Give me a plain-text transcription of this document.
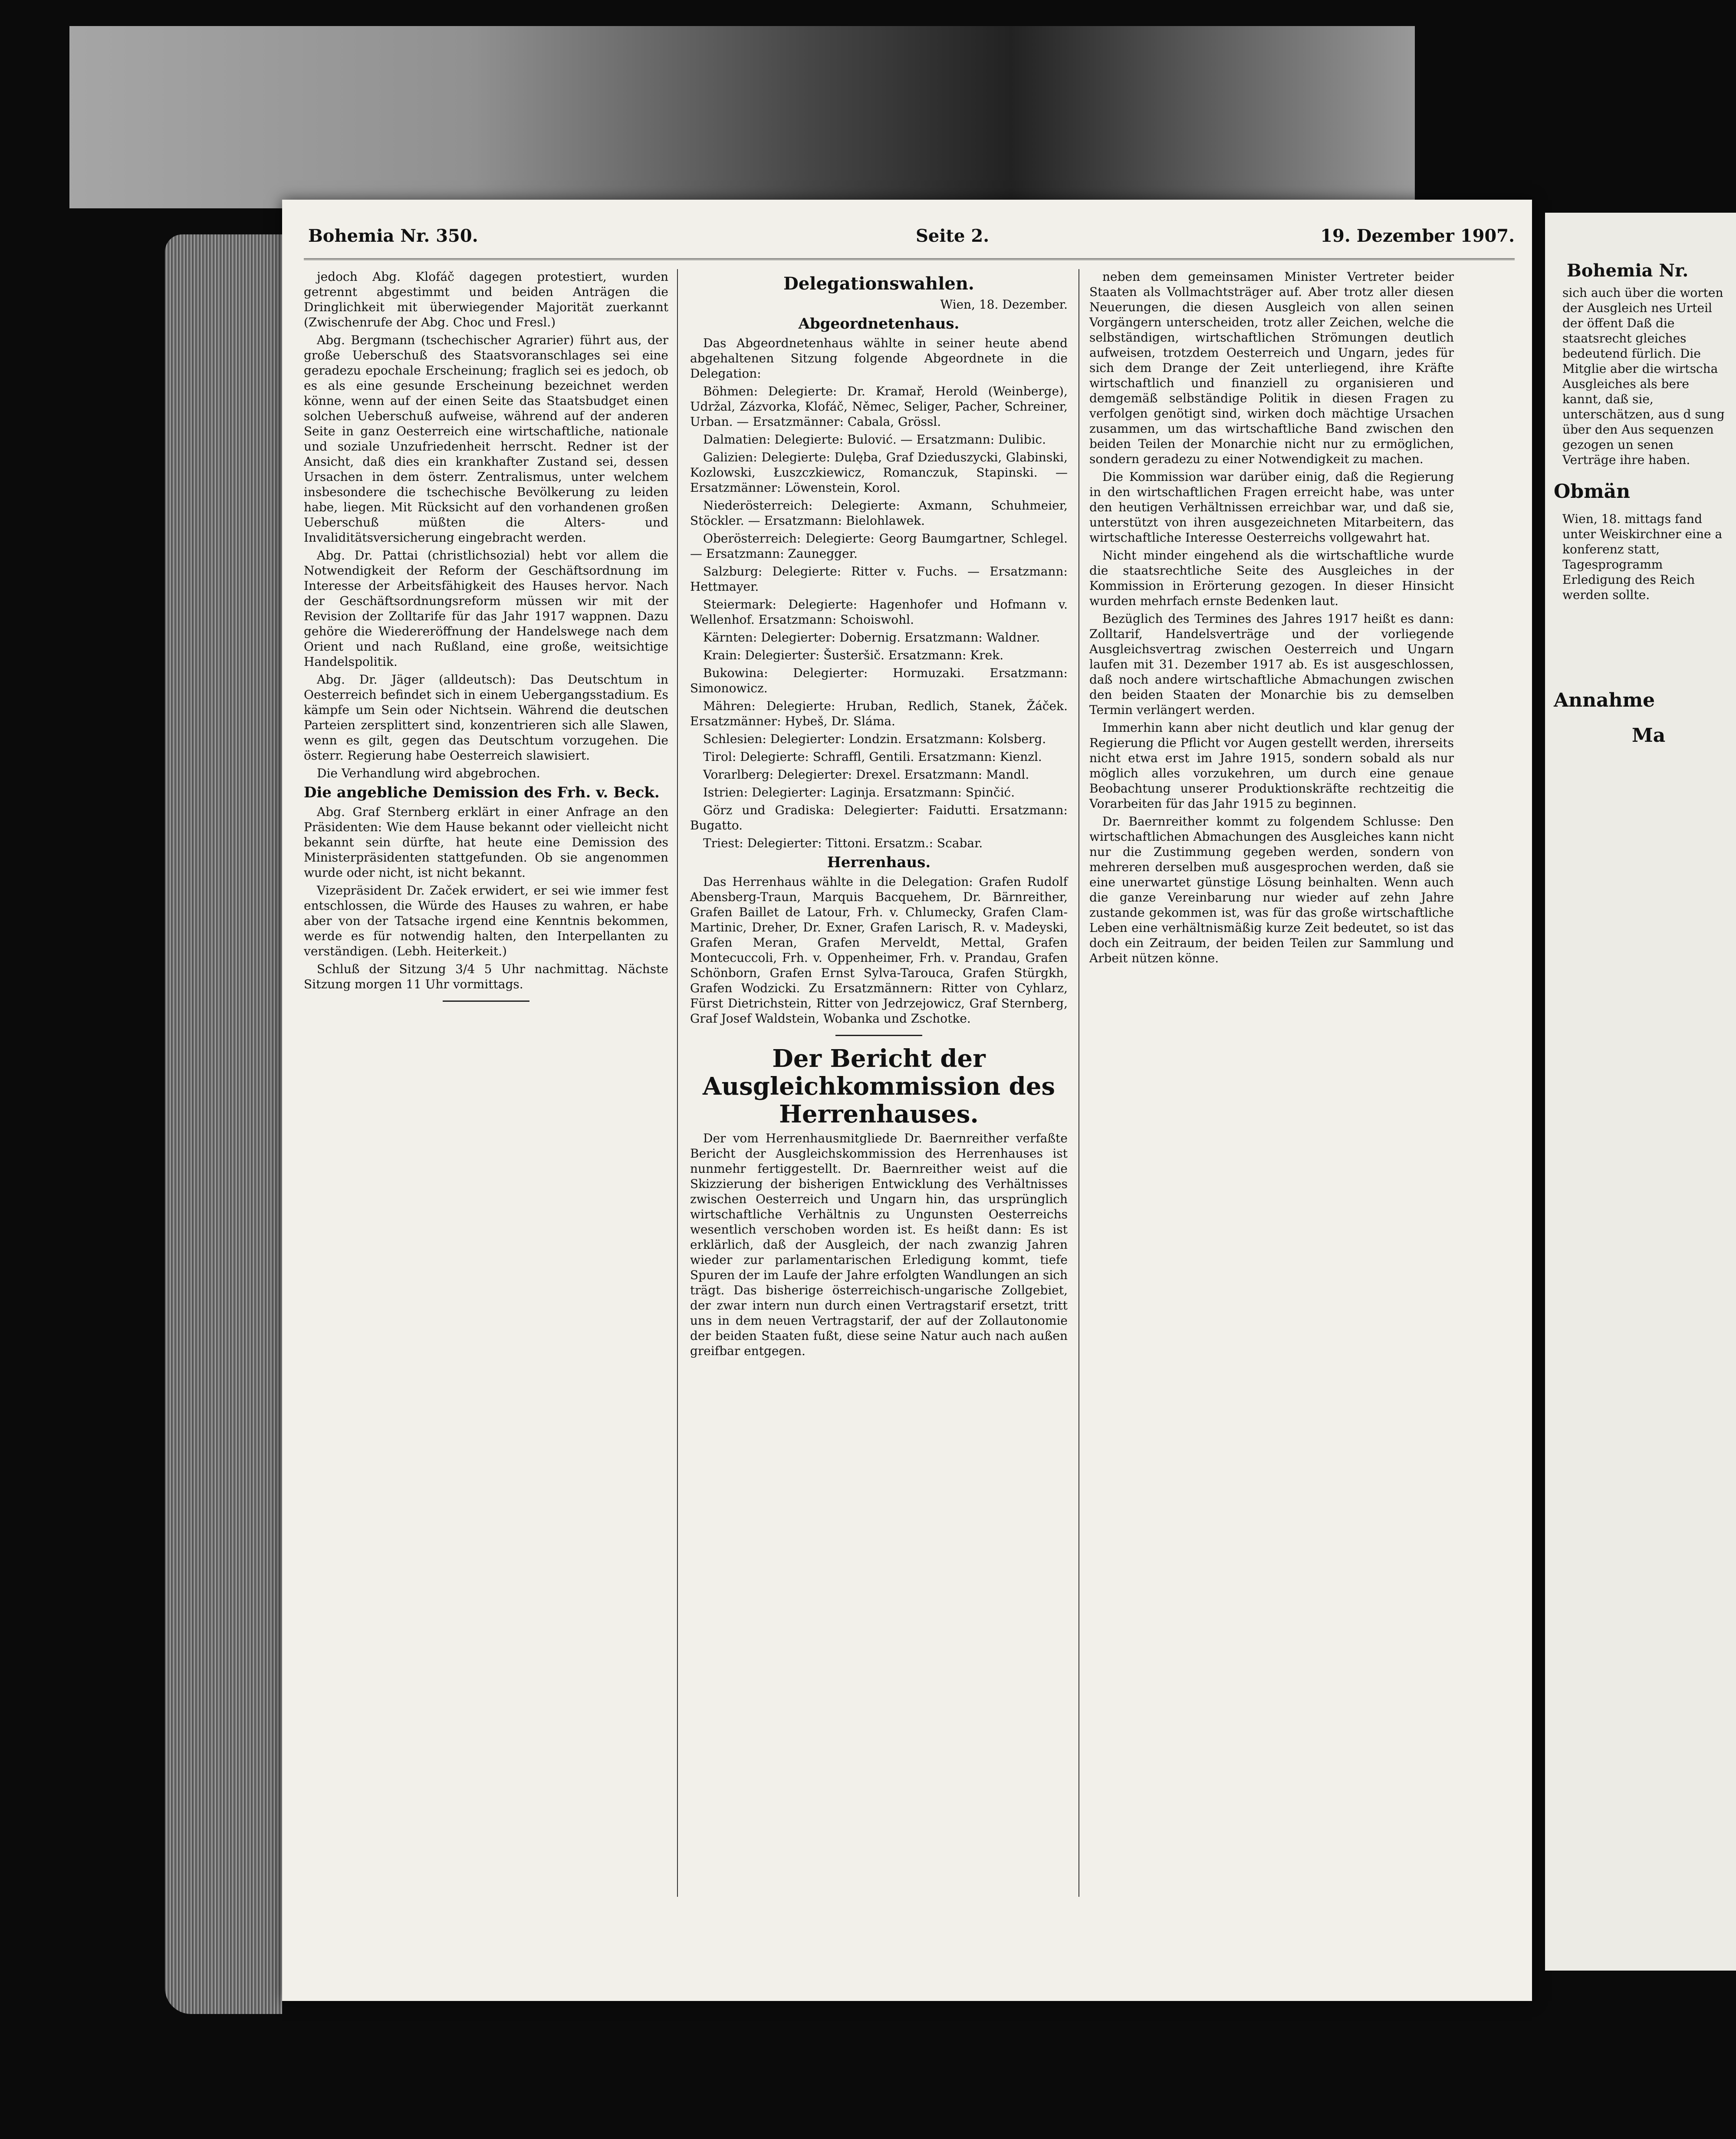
Bohemia Nr. 350.	Seite 2.	19. Dezember 1907.

jedoch Abg. Klofáč dagegen protestiert, wurden getrennt abgestimmt und beiden Anträgen die Dringlichkeit mit überwiegender Majorität zuerkannt (Zwischenrufe der Abg. Choc und Fresl.)

Abg. Bergmann (tschechischer Agrarier) führt aus, der große Ueberschuß des Staatsvoranschlages sei eine geradezu epochale Erscheinung; fraglich sei es jedoch, ob es als eine gesunde Erscheinung bezeichnet werden könne, wenn auf der einen Seite das Staatsbudget einen solchen Ueberschuß aufweise, während auf der anderen Seite in ganz Oesterreich eine wirtschaftliche, nationale und soziale Unzufriedenheit herrscht. Redner ist der Ansicht, daß dies ein krankhafter Zustand sei, dessen Ursachen in dem österr. Zentralismus, unter welchem insbesondere die tschechische Bevölkerung zu leiden habe, liegen. Mit Rücksicht auf den vorhandenen großen Ueberschuß müßten die Alters- und Invaliditätsversicherung eingebracht werden.

Abg. Dr. Pattai (christlichsozial) hebt vor allem die Notwendigkeit der Reform der Geschäftsordnung im Interesse der Arbeitsfähigkeit des Hauses hervor. Nach der Geschäftsordnungsreform müssen wir mit der Revision der Zolltarife für das Jahr 1917 wappnen. Dazu gehöre die Wiedereröffnung der Handelswege nach dem Orient und nach Rußland, eine große, weitsichtige Handelspolitik.

Abg. Dr. Jäger (alldeutsch): Das Deutschtum in Oesterreich befindet sich in einem Uebergangsstadium. Es kämpfe um Sein oder Nichtsein. Während die deutschen Parteien zersplittert sind, konzentrieren sich alle Slawen, wenn es gilt, gegen das Deutschtum vorzugehen. Die österr. Regierung habe Oesterreich slawisiert.

Die Verhandlung wird abgebrochen.

Die angebliche Demission des Frh. v. Beck.

Abg. Graf Sternberg erklärt in einer Anfrage an den Präsidenten: Wie dem Hause bekannt oder vielleicht nicht bekannt sein dürfte, hat heute eine Demission des Ministerpräsidenten stattgefunden. Ob sie angenommen wurde oder nicht, ist nicht bekannt.

Vizepräsident Dr. Začek erwidert, er sei wie immer fest entschlossen, die Würde des Hauses zu wahren, er habe aber von der Tatsache irgend eine Kenntnis bekommen, werde es für notwendig halten, den Interpellanten zu verständigen. (Lebh. Heiterkeit.)

Schluß der Sitzung 3/4 5 Uhr nachmittag. Nächste Sitzung morgen 11 Uhr vormittags.

Delegationswahlen.
Wien, 18. Dezember.
Abgeordnetenhaus.

Das Abgeordnetenhaus wählte in seiner heute abend abgehaltenen Sitzung folgende Abgeordnete in die Delegation:

Böhmen: Delegierte: Dr. Kramař, Herold (Weinberge), Udržal, Zázvorka, Klofáč, Němec, Seliger, Pacher, Schreiner, Urban. — Ersatzmänner: Cabala, Grössl.

Dalmatien: Delegierte: Bulović. — Ersatzmann: Dulibic.

Galizien: Delegierte: Dulęba, Graf Dzieduszycki, Glabinski, Kozlowski, Łuszczkiewicz, Romanczuk, Stapinski. — Ersatzmänner: Löwenstein, Korol.

Niederösterreich: Delegierte: Axmann, Schuhmeier, Stöckler. — Ersatzmann: Bielohlawek.

Oberösterreich: Delegierte: Georg Baumgartner, Schlegel. — Ersatzmann: Zaunegger.

Salzburg: Delegierte: Ritter v. Fuchs. — Ersatzmann: Hettmayer.

Steiermark: Delegierte: Hagenhofer und Hofmann v. Wellenhof. Ersatzmann: Schoiswohl.

Kärnten: Delegierter: Dobernig. Ersatzmann: Waldner.

Krain: Delegierter: Šusteršič. Ersatzmann: Krek.

Bukowina: Delegierter: Hormuzaki. Ersatzmann: Simonowicz.

Mähren: Delegierte: Hruban, Redlich, Stanek, Žáček. Ersatzmänner: Hybeš, Dr. Sláma.

Schlesien: Delegierter: Londzin. Ersatzmann: Kolsberg.

Tirol: Delegierte: Schraffl, Gentili. Ersatzmann: Kienzl.

Vorarlberg: Delegierter: Drexel. Ersatzmann: Mandl.

Istrien: Delegierter: Laginja. Ersatzmann: Spinčić.

Görz und Gradiska: Delegierter: Faidutti. Ersatzmann: Bugatto.

Triest: Delegierter: Tittoni. Ersatzm.: Scabar.

Herrenhaus.

Das Herrenhaus wählte in die Delegation: Grafen Rudolf Abensberg-Traun, Marquis Bacquehem, Dr. Bärnreither, Grafen Baillet de Latour, Frh. v. Chlumecky, Grafen Clam-Martinic, Dreher, Dr. Exner, Grafen Larisch, R. v. Madeyski, Grafen Meran, Grafen Merveldt, Mettal, Grafen Montecuccoli, Frh. v. Oppenheimer, Frh. v. Prandau, Grafen Schönborn, Grafen Ernst Sylva-Tarouca, Grafen Stürgkh, Grafen Wodzicki. Zu Ersatzmännern: Ritter von Cyhlarz, Fürst Dietrichstein, Ritter von Jedrzejowicz, Graf Sternberg, Graf Josef Waldstein, Wobanka und Zschotke.

Der Bericht der Ausgleichkommission des Herrenhauses.

Der vom Herrenhausmitgliede Dr. Baernreither verfaßte Bericht der Ausgleichskommission des Herrenhauses ist nunmehr fertiggestellt. Dr. Baernreither weist auf die Skizzierung der bisherigen Entwicklung des Verhältnisses zwischen Oesterreich und Ungarn hin, das ursprünglich wirtschaftliche Verhältnis zu Ungunsten Oesterreichs wesentlich verschoben worden ist. Es heißt dann: Es ist erklärlich, daß der Ausgleich, der nach zwanzig Jahren wieder zur parlamentarischen Erledigung kommt, tiefe Spuren der im Laufe der Jahre erfolgten Wandlungen an sich trägt. Das bisherige österreichisch-ungarische Zollgebiet, der zwar intern nun durch einen Vertragstarif ersetzt, tritt uns in dem neuen Vertragstarif, der auf der Zollautonomie der beiden Staaten fußt, diese seine Natur auch nach außen greifbar entgegen.

neben dem gemeinsamen Minister Vertreter beider Staaten als Vollmachtsträger auf. Aber trotz aller diesen Neuerungen, die diesen Ausgleich von allen seinen Vorgängern unterscheiden, trotz aller Zeichen, welche die selbständigen, wirtschaftlichen Strömungen deutlich aufweisen, trotzdem Oesterreich und Ungarn, jedes für sich dem Drange der Zeit unterliegend, ihre Kräfte wirtschaftlich und finanziell zu organisieren und demgemäß selbständige Politik in diesen Fragen zu verfolgen genötigt sind, wirken doch mächtige Ursachen zusammen, um das wirtschaftliche Band zwischen den beiden Teilen der Monarchie nicht nur zu ermöglichen, sondern geradezu zu einer Notwendigkeit zu machen.

Die Kommission war darüber einig, daß die Regierung in den wirtschaftlichen Fragen erreicht habe, was unter den heutigen Verhältnissen erreichbar war, und daß sie, unterstützt von ihren ausgezeichneten Mitarbeitern, das wirtschaftliche Interesse Oesterreichs vollgewahrt hat.

Nicht minder eingehend als die wirtschaftliche wurde die staatsrechtliche Seite des Ausgleiches in der Kommission in Erörterung gezogen. In dieser Hinsicht wurden mehrfach ernste Bedenken laut.

Bezüglich des Termines des Jahres 1917 heißt es dann: Zolltarif, Handelsverträge und der vorliegende Ausgleichsvertrag zwischen Oesterreich und Ungarn laufen mit 31. Dezember 1917 ab. Es ist ausgeschlossen, daß noch andere wirtschaftliche Abmachungen zwischen den beiden Staaten der Monarchie bis zu demselben Termin verlängert werden.

Immerhin kann aber nicht deutlich und klar genug der Regierung die Pflicht vor Augen gestellt werden, ihrerseits nicht etwa erst im Jahre 1915, sondern sobald als nur möglich alles vorzukehren, um durch eine genaue Beobachtung unserer Produktionskräfte rechtzeitig die Vorarbeiten für das Jahr 1915 zu beginnen.

Dr. Baernreither kommt zu folgendem Schlusse: Den wirtschaftlichen Abmachungen des Ausgleiches kann nicht nur die Zustimmung gegeben werden, sondern von mehreren derselben muß ausgesprochen werden, daß sie eine unerwartet günstige Lösung beinhalten. Wenn auch die ganze Vereinbarung nur wieder auf zehn Jahre zustande gekommen ist, was für das große wirtschaftliche Leben eine verhältnismäßig kurze Zeit bedeutet, so ist das doch ein Zeitraum, der beiden Teilen zur Sammlung und Arbeit nützen könne.

Bohemia Nr.
sich auch über die worten der Ausgleich nes Urteil der öffent Daß die staatsrecht gleiches bedeutend fürlich. Die Mitglie aber die wirtscha Ausgleiches als bere kannt, daß sie, unterschätzen, aus d sung über den Aus sequenzen gezogen un senen Verträge ihre haben.
Obmän
Wien, 18. mittags fand unter Weiskirchner eine a konferenz statt, Tagesprogramm Erledigung des Reich werden sollte.
Annahme
Ma
